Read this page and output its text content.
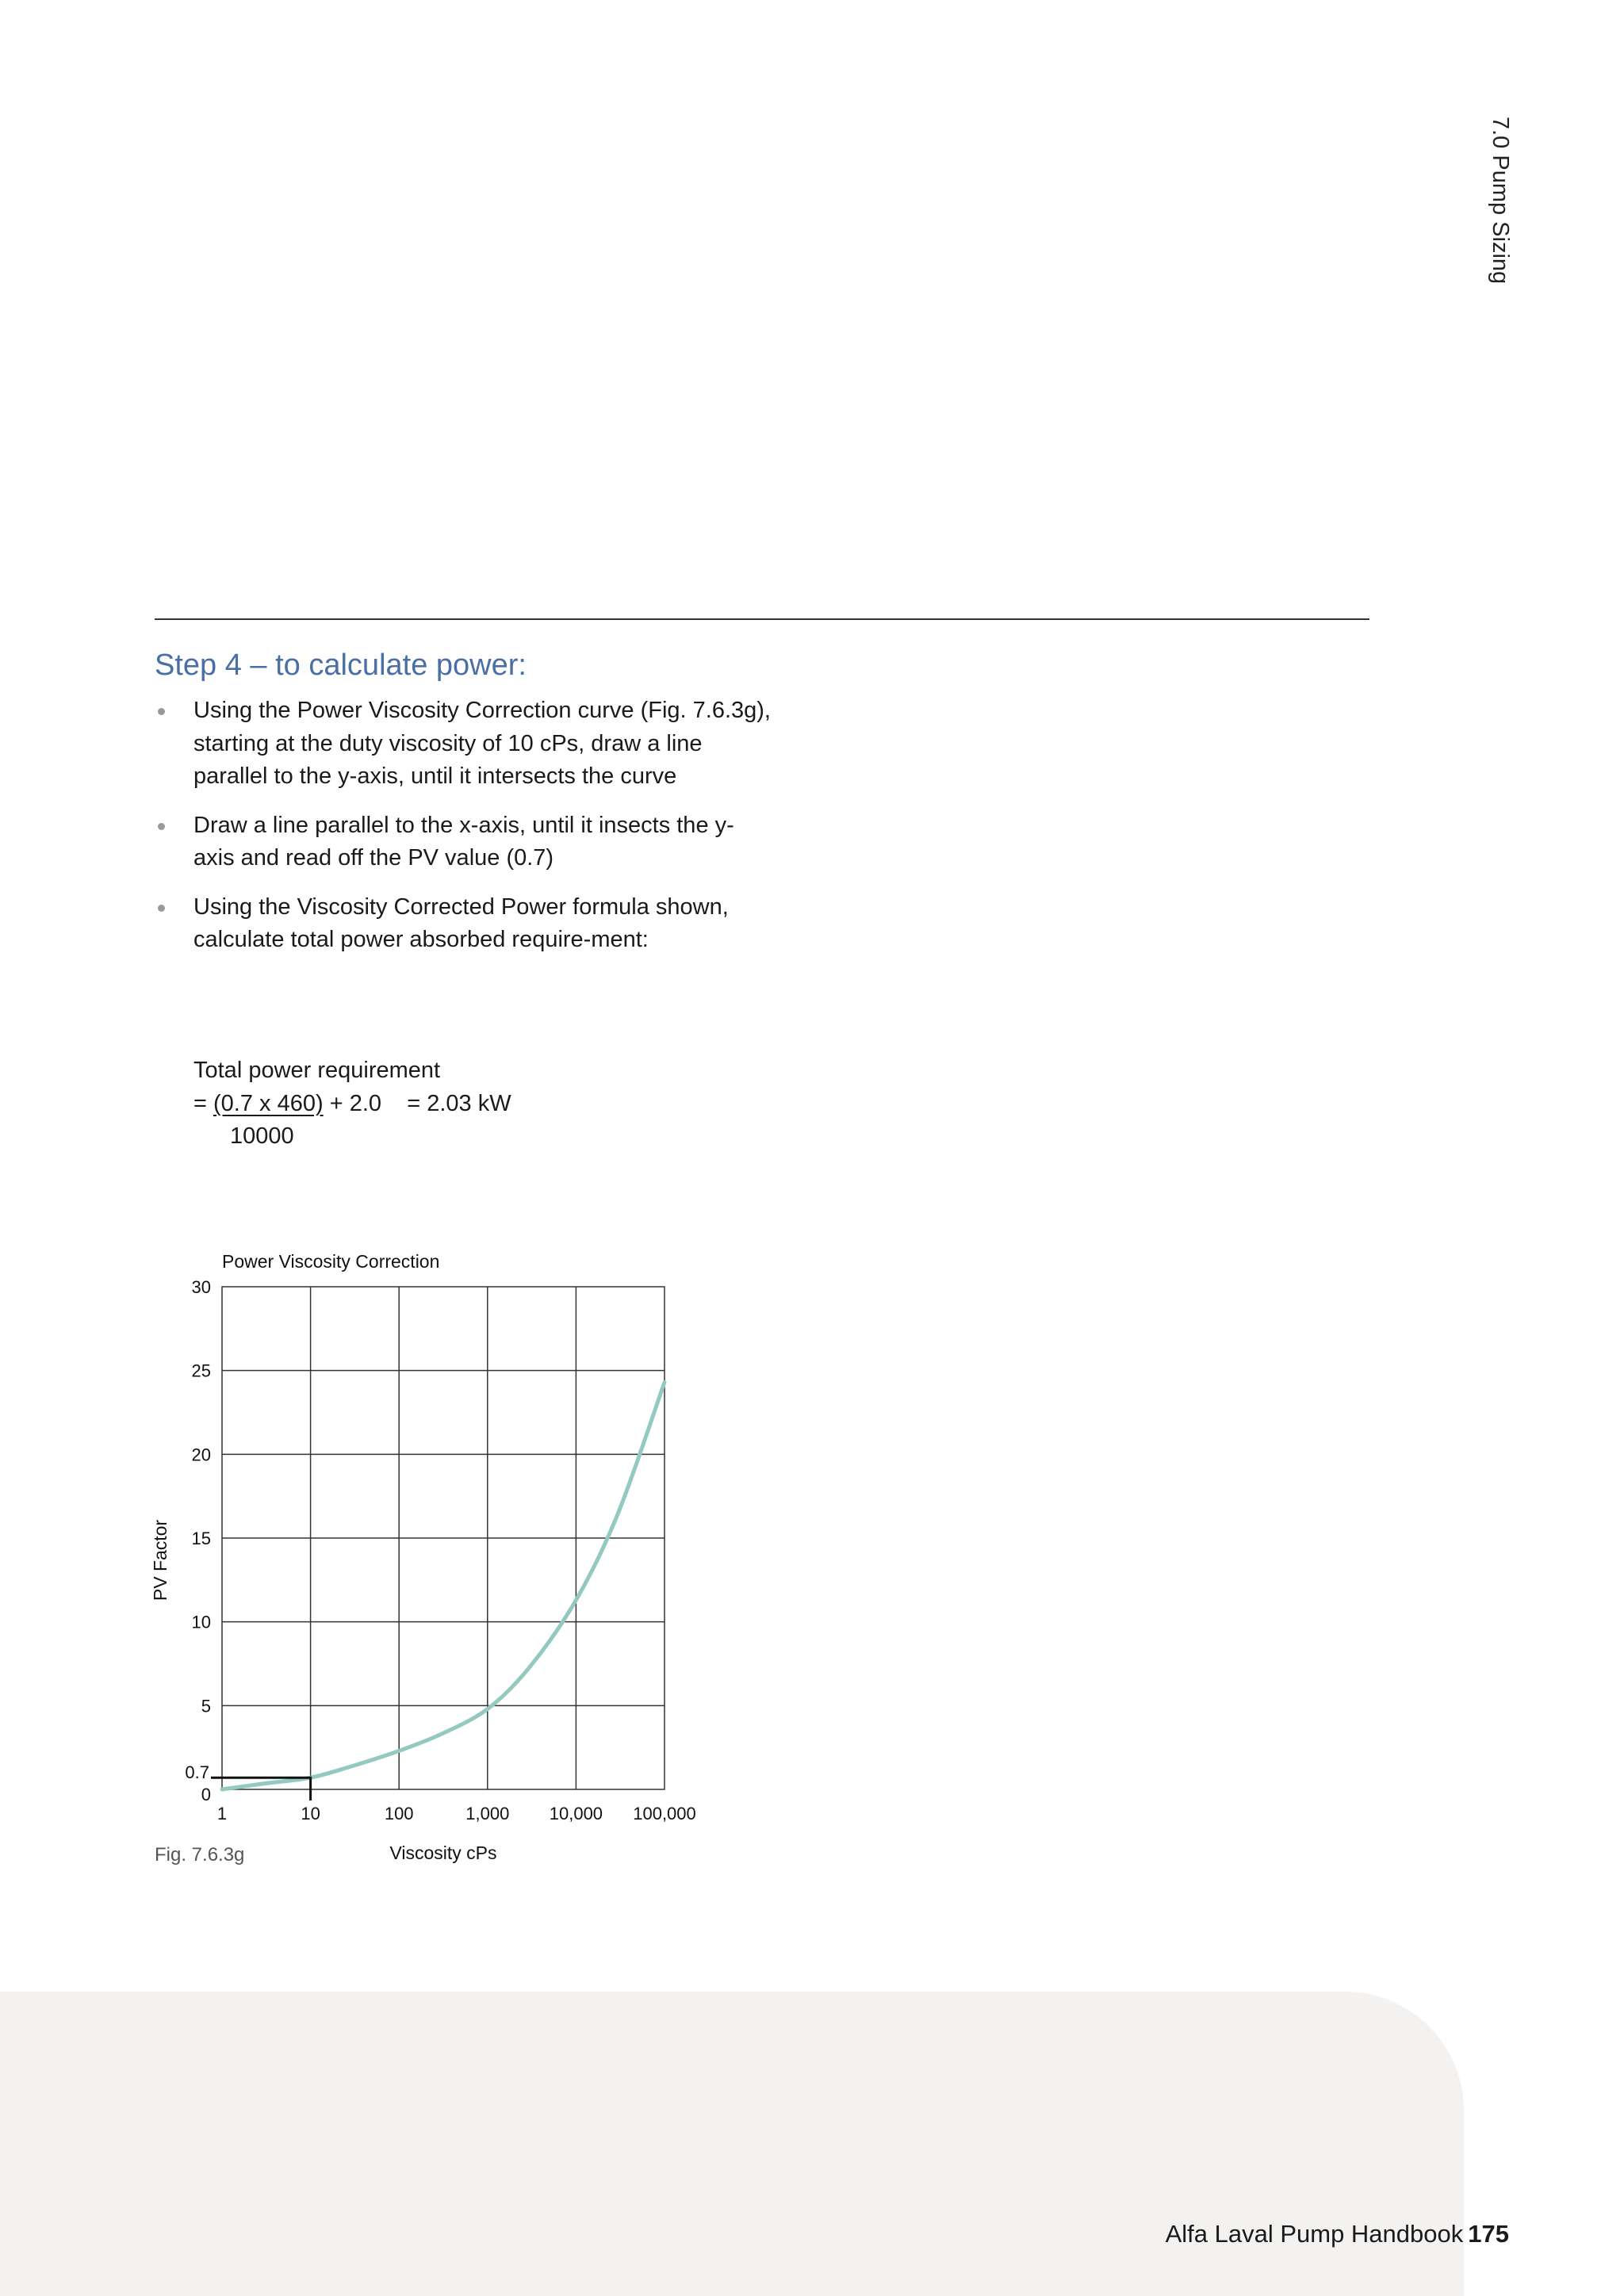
7.0 Pump Sizing
Step 4 – to calculate power:
Using the Power Viscosity Correction curve (Fig. 7.6.3g), starting at the duty viscosity of 10 cPs, draw a line parallel to the y-axis, until it intersects the curve
Draw a line parallel to the x-axis, until it insects the y-axis and read off the PV value (0.7)
Using the Viscosity Corrected Power formula shown, calculate total power absorbed require-ment:
Total power requirement
= (0.7 x 460) + 2.0    = 2.03 kW
10000
Power Viscosity Correction
0
5
10
15
20
25
30
1	10	100	1,000 10,000 100,000
0.7
Viscosity cPs
PV Factor
Fig. 7.6.3g
Alfa Laval Pump Handbook 175
